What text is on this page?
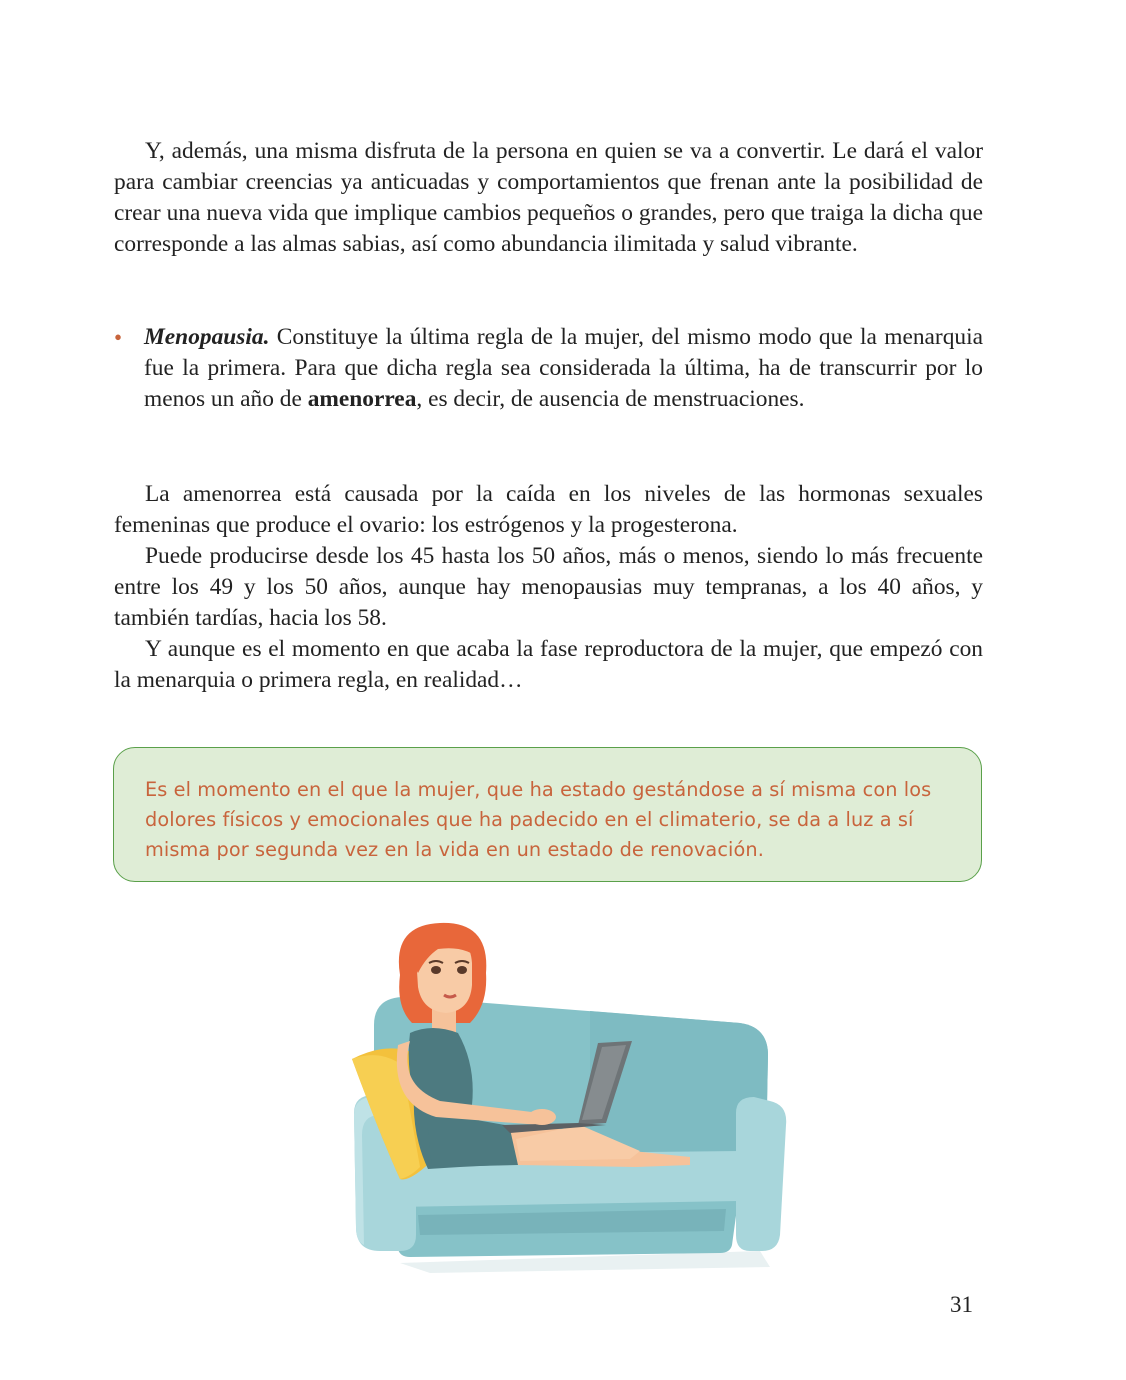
Y, además, una misma disfruta de la persona en quien se va a convertir. Le dará el valor para cambiar creencias ya anticuadas y comportamientos que frenan ante la posibilidad de crear una nueva vida que implique cambios pequeños o grandes, pero que traiga la dicha que corresponde a las almas sabias, así como abundancia ilimitada y salud vibrante.

• Menopausia. Constituye la última regla de la mujer, del mismo modo que la menarquia fue la primera. Para que dicha regla sea considerada la última, ha de transcurrir por lo menos un año de amenorrea, es decir, de ausencia de menstruaciones.

La amenorrea está causada por la caída en los niveles de las hormonas sexuales femeninas que produce el ovario: los estrógenos y la progesterona.

Puede producirse desde los 45 hasta los 50 años, más o menos, siendo lo más frecuente entre los 49 y los 50 años, aunque hay menopausias muy tempranas, a los 40 años, y también tardías, hacia los 58.

Y aunque es el momento en que acaba la fase reproductora de la mujer, que empezó con la menarquia o primera regla, en realidad…

Es el momento en el que la mujer, que ha estado gestándose a sí misma con los dolores físicos y emocionales que ha padecido en el climaterio, se da a luz a sí misma por segunda vez en la vida en un estado de renovación.

31
